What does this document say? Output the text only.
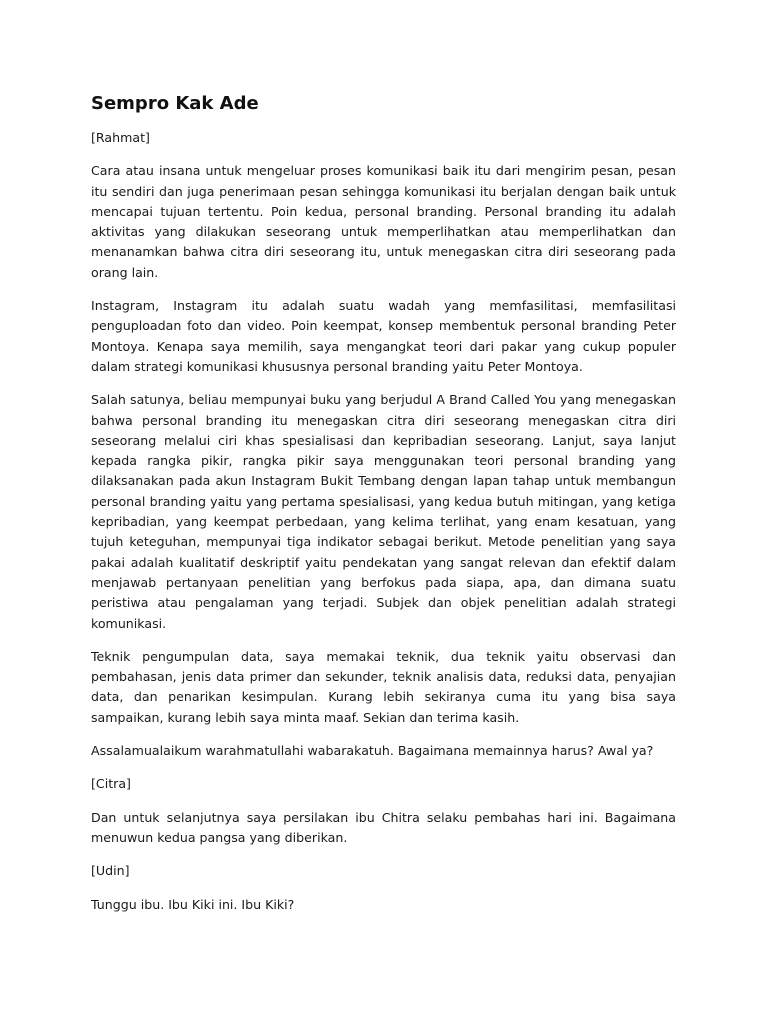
Sempro Kak Ade

[Rahmat]

Cara atau insana untuk mengeluar proses komunikasi baik itu dari mengirim pesan, pesan itu sendiri dan juga penerimaan pesan sehingga komunikasi itu berjalan dengan baik untuk mencapai tujuan tertentu. Poin kedua, personal branding. Personal branding itu adalah aktivitas yang dilakukan seseorang untuk memperlihatkan atau memperlihatkan dan menanamkan bahwa citra diri seseorang itu, untuk menegaskan citra diri seseorang pada orang lain.

Instagram, Instagram itu adalah suatu wadah yang memfasilitasi, memfasilitasi penguploadan foto dan video. Poin keempat, konsep membentuk personal branding Peter Montoya. Kenapa saya memilih, saya mengangkat teori dari pakar yang cukup populer dalam strategi komunikasi khususnya personal branding yaitu Peter Montoya.

Salah satunya, beliau mempunyai buku yang berjudul A Brand Called You yang menegaskan bahwa personal branding itu menegaskan citra diri seseorang menegaskan citra diri seseorang melalui ciri khas spesialisasi dan kepribadian seseorang. Lanjut, saya lanjut kepada rangka pikir, rangka pikir saya menggunakan teori personal branding yang dilaksanakan pada akun Instagram Bukit Tembang dengan lapan tahap untuk membangun personal branding yaitu yang pertama spesialisasi, yang kedua butuh mitingan, yang ketiga kepribadian, yang keempat perbedaan, yang kelima terlihat, yang enam kesatuan, yang tujuh keteguhan, mempunyai tiga indikator sebagai berikut. Metode penelitian yang saya pakai adalah kualitatif deskriptif yaitu pendekatan yang sangat relevan dan efektif dalam menjawab pertanyaan penelitian yang berfokus pada siapa, apa, dan dimana suatu peristiwa atau pengalaman yang terjadi. Subjek dan objek penelitian adalah strategi komunikasi.

Teknik pengumpulan data, saya memakai teknik, dua teknik yaitu observasi dan pembahasan, jenis data primer dan sekunder, teknik analisis data, reduksi data, penyajian data, dan penarikan kesimpulan. Kurang lebih sekiranya cuma itu yang bisa saya sampaikan, kurang lebih saya minta maaf. Sekian dan terima kasih.

Assalamualaikum warahmatullahi wabarakatuh. Bagaimana memainnya harus? Awal ya?

[Citra]

Dan untuk selanjutnya saya persilakan ibu Chitra selaku pembahas hari ini. Bagaimana menuwun kedua pangsa yang diberikan.

[Udin]

Tunggu ibu. Ibu Kiki ini. Ibu Kiki?
